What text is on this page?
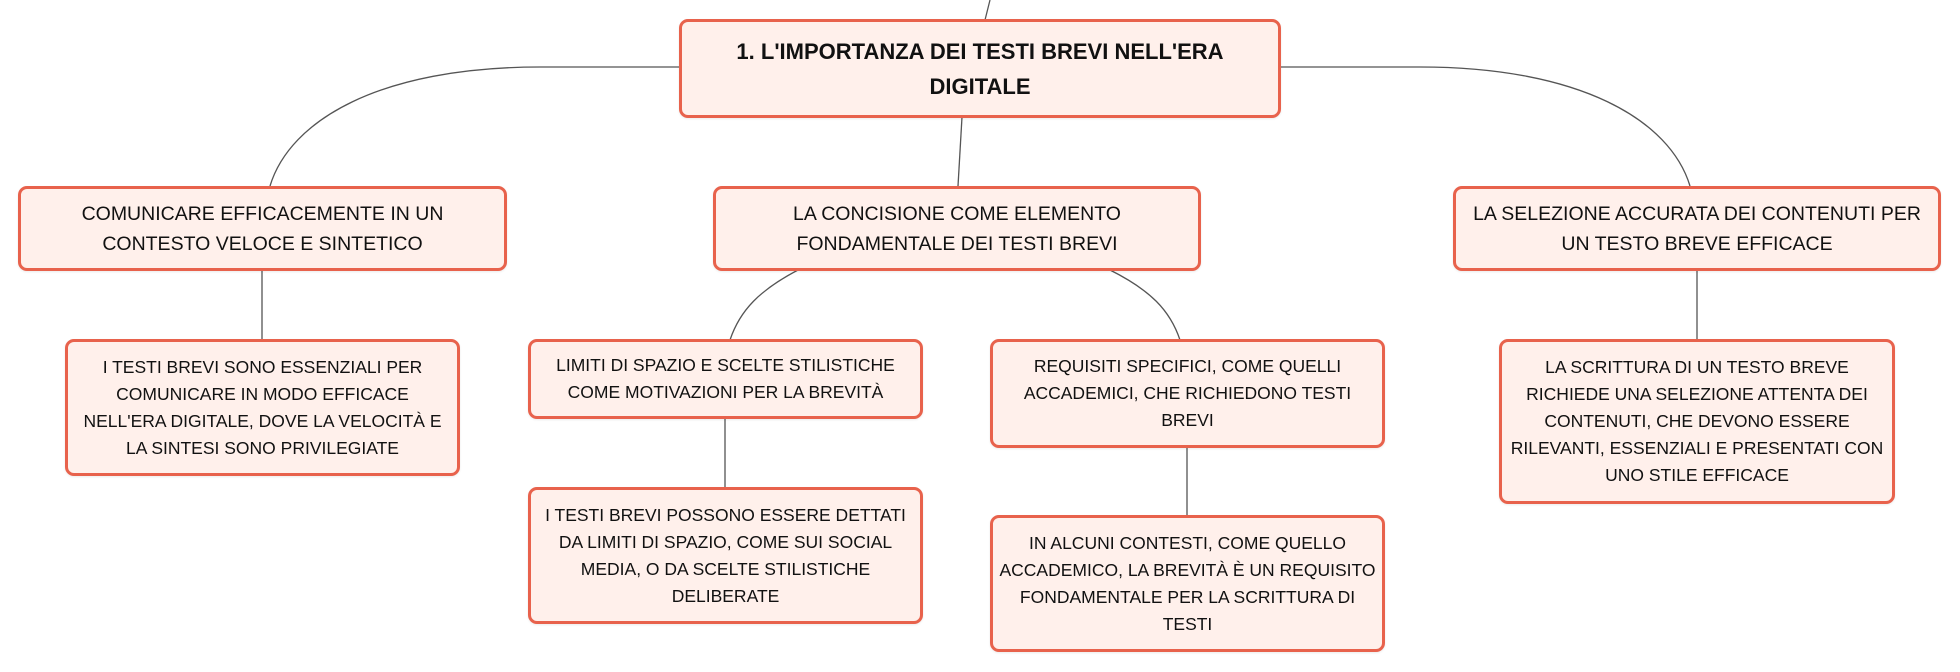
1. L'IMPORTANZA DEI TESTI BREVI NELL'ERA DIGITALE
COMUNICARE EFFICACEMENTE IN UN CONTESTO VELOCE E SINTETICO
LA CONCISIONE COME ELEMENTO FONDAMENTALE DEI TESTI BREVI
LA SELEZIONE ACCURATA DEI CONTENUTI PER UN TESTO BREVE EFFICACE
I TESTI BREVI SONO ESSENZIALI PER COMUNICARE IN MODO EFFICACE NELL'ERA DIGITALE, DOVE LA VELOCITÀ E LA SINTESI SONO PRIVILEGIATE
LIMITI DI SPAZIO E SCELTE STILISTICHE COME MOTIVAZIONI PER LA BREVITÀ
REQUISITI SPECIFICI, COME QUELLI ACCADEMICI, CHE RICHIEDONO TESTI BREVI
LA SCRITTURA DI UN TESTO BREVE RICHIEDE UNA SELEZIONE ATTENTA DEI CONTENUTI, CHE DEVONO ESSERE RILEVANTI, ESSENZIALI E PRESENTATI CON UNO STILE EFFICACE
I TESTI BREVI POSSONO ESSERE DETTATI DA LIMITI DI SPAZIO, COME SUI SOCIAL MEDIA, O DA SCELTE STILISTICHE DELIBERATE
IN ALCUNI CONTESTI, COME QUELLO ACCADEMICO, LA BREVITÀ È UN REQUISITO FONDAMENTALE PER LA SCRITTURA DI TESTI
